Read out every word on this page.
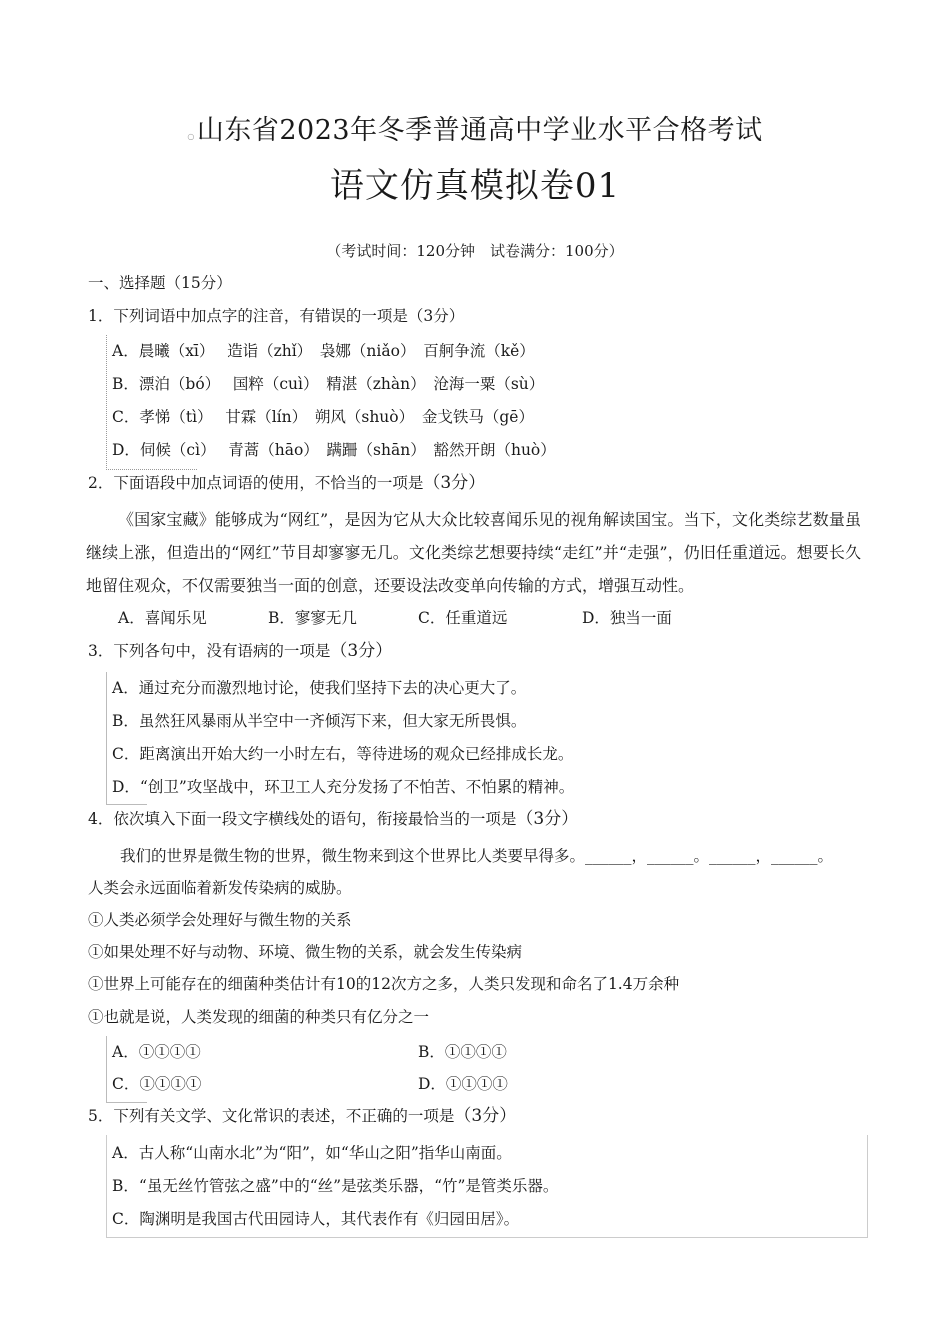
○山东省2023年冬季普通高中学业水平合格考试
语文仿真模拟卷01
（考试时间：120分钟　试卷满分：100分）
一、选择题（15分）
1．下列词语中加点字的注音，有错误的一项是（3分）
A．晨曦（xī）　 造诣（zhǐ）　袅娜（niǎo）　百舸争流（kě）
B．漂泊（bó）　 国粹（cuì）　精湛（zhàn）　沧海一粟（sù）
C．孝悌（tì）　 甘霖（lín）　朔风（shuò）　金戈铁马（gē）
D．伺候（cì）　 青蒿（hāo）　蹒跚（shān）　豁然开朗（huò）
2．下面语段中加点词语的使用，不恰当的一项是（3分）
《国家宝藏》能够成为“网红”，是因为它从大众比较喜闻乐见的视角解读国宝。当下，文化类综艺数量虽继续上涨，但造出的“网红”节目却寥寥无几。文化类综艺想要持续“走红”并“走强”，仍旧任重道远。想要长久地留住观众，不仅需要独当一面的创意，还要设法改变单向传输的方式，增强互动性。
A．喜闻乐见	B．寥寥无几	C．任重道远	D．独当一面
3．下列各句中，没有语病的一项是（3分）
A．通过充分而激烈地讨论，使我们坚持下去的决心更大了。
B．虽然狂风暴雨从半空中一齐倾泻下来，但大家无所畏惧。
C．距离演出开始大约一小时左右，等待进场的观众已经排成长龙。
D．“创卫”攻坚战中，环卫工人充分发扬了不怕苦、不怕累的精神。
4．依次填入下面一段文字横线处的语句，衔接最恰当的一项是（3分）
我们的世界是微生物的世界，微生物来到这个世界比人类要早得多。______，______。______，______。
人类会永远面临着新发传染病的威胁。
①人类必须学会处理好与微生物的关系
①如果处理不好与动物、环境、微生物的关系，就会发生传染病
①世界上可能存在的细菌种类估计有10的12次方之多，人类只发现和命名了1.4万余种
①也就是说，人类发现的细菌的种类只有亿分之一
A．①①①①	B．①①①①
C．①①①①	D．①①①①
5．下列有关文学、文化常识的表述，不正确的一项是（3分）
A．古人称“山南水北”为“阳”，如“华山之阳”指华山南面。
B．“虽无丝竹管弦之盛”中的“丝”是弦类乐器，“竹”是管类乐器。
C．陶渊明是我国古代田园诗人，其代表作有《归园田居》。
